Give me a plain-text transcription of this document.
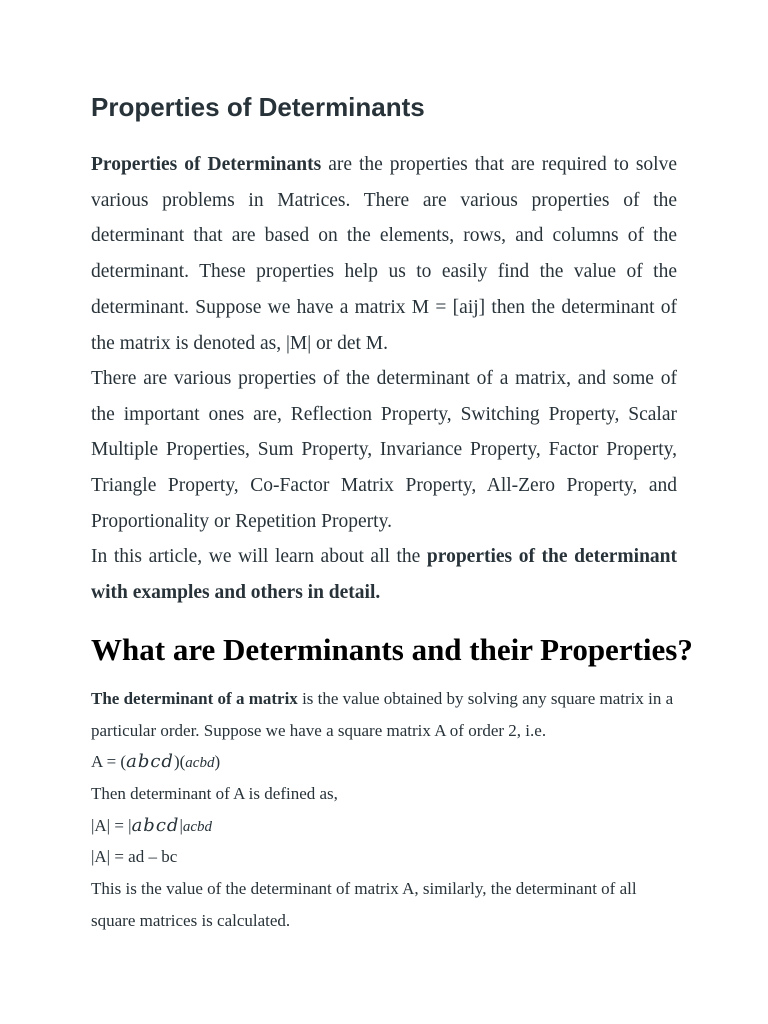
Properties of Determinants

Properties of Determinants are the properties that are required to solve various problems in Matrices. There are various properties of the determinant that are based on the elements, rows, and columns of the determinant. These properties help us to easily find the value of the determinant. Suppose we have a matrix M = [aij] then the determinant of the matrix is denoted as, |M| or det M.

There are various properties of the determinant of a matrix, and some of the important ones are, Reflection Property, Switching Property, Scalar Multiple Properties, Sum Property, Invariance Property, Factor Property, Triangle Property, Co-Factor Matrix Property, All-Zero Property, and Proportionality or Repetition Property.

In this article, we will learn about all the properties of the determinant with examples and others in detail.

What are Determinants and their Properties?

The determinant of a matrix is the value obtained by solving any square matrix in a particular order. Suppose we have a square matrix A of order 2, i.e.

A = (abcd)(acbd)

Then determinant of A is defined as,

|A| = |abcd|acbd

|A| = ad – bc

This is the value of the determinant of matrix A, similarly, the determinant of all square matrices is calculated.
